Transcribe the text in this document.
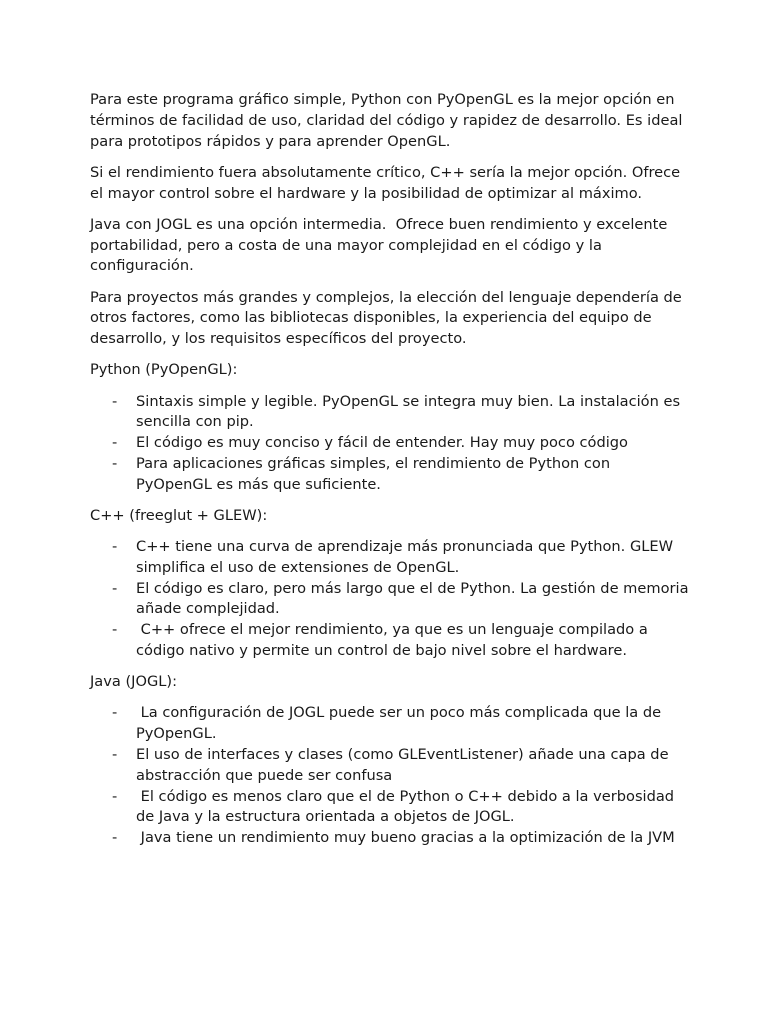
Para este programa gráfico simple, Python con PyOpenGL es la mejor opción en términos de facilidad de uso, claridad del código y rapidez de desarrollo. Es ideal para prototipos rápidos y para aprender OpenGL.

Si el rendimiento fuera absolutamente crítico, C++ sería la mejor opción. Ofrece el mayor control sobre el hardware y la posibilidad de optimizar al máximo.

Java con JOGL es una opción intermedia.  Ofrece buen rendimiento y excelente portabilidad, pero a costa de una mayor complejidad en el código y la configuración.

Para proyectos más grandes y complejos, la elección del lenguaje dependería de otros factores, como las bibliotecas disponibles, la experiencia del equipo de desarrollo, y los requisitos específicos del proyecto.

Python (PyOpenGL):

- Sintaxis simple y legible. PyOpenGL se integra muy bien. La instalación es sencilla con pip.
- El código es muy conciso y fácil de entender. Hay muy poco código
- Para aplicaciones gráficas simples, el rendimiento de Python con PyOpenGL es más que suficiente.

C++ (freeglut + GLEW):

- C++ tiene una curva de aprendizaje más pronunciada que Python. GLEW simplifica el uso de extensiones de OpenGL.
- El código es claro, pero más largo que el de Python. La gestión de memoria añade complejidad.
- C++ ofrece el mejor rendimiento, ya que es un lenguaje compilado a código nativo y permite un control de bajo nivel sobre el hardware.

Java (JOGL):

- La configuración de JOGL puede ser un poco más complicada que la de PyOpenGL.
- El uso de interfaces y clases (como GLEventListener) añade una capa de abstracción que puede ser confusa
- El código es menos claro que el de Python o C++ debido a la verbosidad de Java y la estructura orientada a objetos de JOGL.
- Java tiene un rendimiento muy bueno gracias a la optimización de la JVM
